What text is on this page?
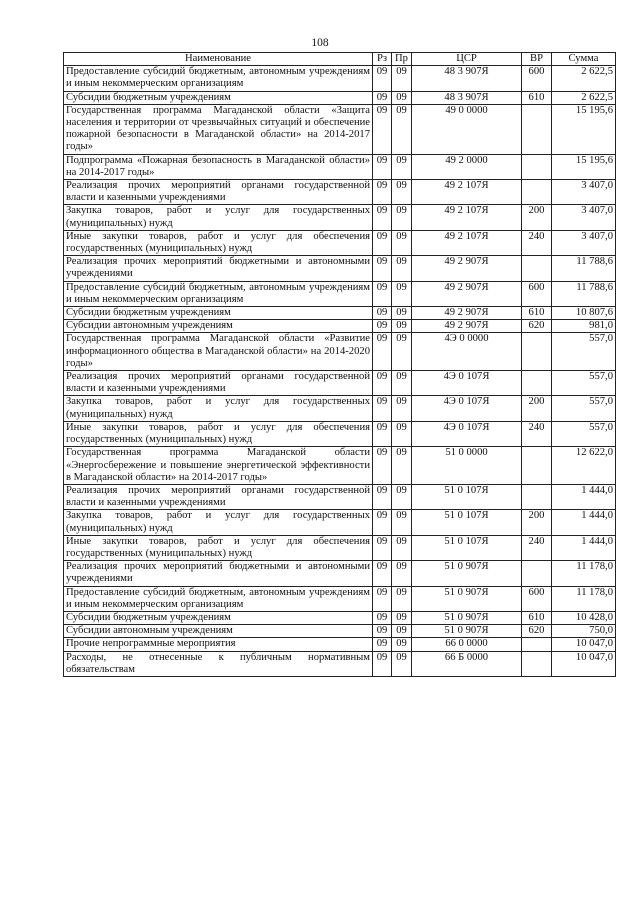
108
Наименование	Рз	Пр	ЦСР	ВР	Сумма
Предоставление субсидий бюджетным, автономным учреждениям и иным некоммерческим организациям	09	09	48 3 907Я	600	2 622,5
Субсидии бюджетным учреждениям	09	09	48 3 907Я	610	2 622,5
Государственная программа Магаданской области «Защита населения и территории от чрезвычайных ситуаций и обеспечение пожарной безопасности в Магаданской области» на 2014-2017 годы»	09	09	49 0 0000		15 195,6
Подпрограмма «Пожарная безопасность в Магаданской области» на 2014-2017 годы»	09	09	49 2 0000		15 195,6
Реализация прочих мероприятий органами государственной власти и казенными учреждениями	09	09	49 2 107Я		3 407,0
Закупка товаров, работ и услуг для государственных (муниципальных) нужд	09	09	49 2 107Я	200	3 407,0
Иные закупки товаров, работ и услуг для обеспечения государственных (муниципальных) нужд	09	09	49 2 107Я	240	3 407,0
Реализация прочих мероприятий бюджетными и автономными учреждениями	09	09	49 2 907Я		11 788,6
Предоставление субсидий бюджетным, автономным учреждениям и иным некоммерческим организациям	09	09	49 2 907Я	600	11 788,6
Субсидии бюджетным учреждениям	09	09	49 2 907Я	610	10 807,6
Субсидии автономным учреждениям	09	09	49 2 907Я	620	981,0
Государственная программа Магаданской области «Развитие информационного общества в Магаданской области» на 2014-2020 годы»	09	09	4Э 0 0000		557,0
Реализация прочих мероприятий органами государственной власти и казенными учреждениями	09	09	4Э 0 107Я		557,0
Закупка товаров, работ и услуг для государственных (муниципальных) нужд	09	09	4Э 0 107Я	200	557,0
Иные закупки товаров, работ и услуг для обеспечения государственных (муниципальных) нужд	09	09	4Э 0 107Я	240	557,0
Государственная программа Магаданской области «Энергосбережение и повышение энергетической эффективности в Магаданской области» на 2014-2017 годы»	09	09	51 0 0000		12 622,0
Реализация прочих мероприятий органами государственной власти и казенными учреждениями	09	09	51 0 107Я		1 444,0
Закупка товаров, работ и услуг для государственных (муниципальных) нужд	09	09	51 0 107Я	200	1 444,0
Иные закупки товаров, работ и услуг для обеспечения государственных (муниципальных) нужд	09	09	51 0 107Я	240	1 444,0
Реализация прочих мероприятий бюджетными и автономными учреждениями	09	09	51 0 907Я		11 178,0
Предоставление субсидий бюджетным, автономным учреждениям и иным некоммерческим организациям	09	09	51 0 907Я	600	11 178,0
Субсидии бюджетным учреждениям	09	09	51 0 907Я	610	10 428,0
Субсидии автономным учреждениям	09	09	51 0 907Я	620	750,0
Прочие непрограммные мероприятия	09	09	66 0 0000		10 047,0
Расходы, не отнесенные к публичным нормативным обязательствам	09	09	66 Б 0000		10 047,0
